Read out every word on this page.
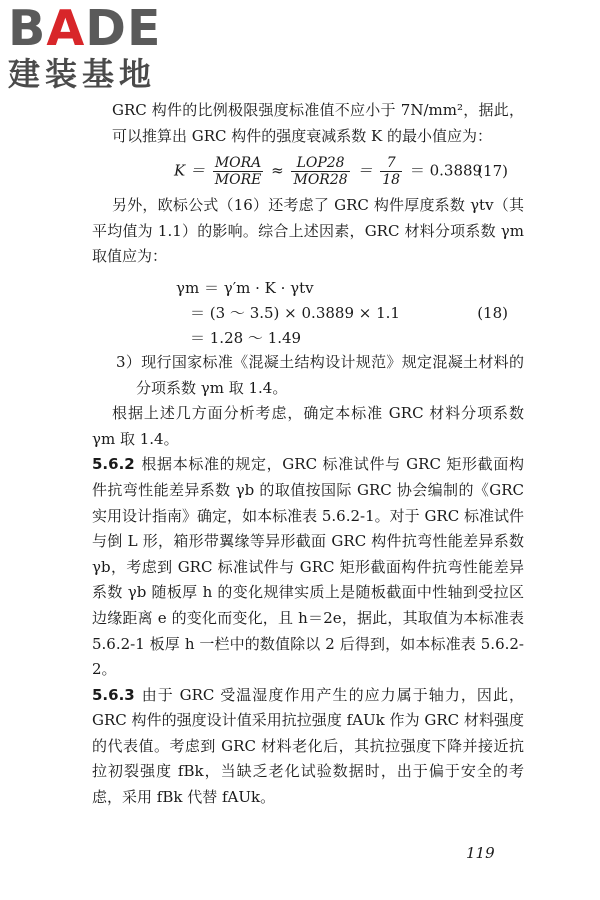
BADE
建装基地

GRC 构件的比例极限强度标准值不应小于 7N/mm²，据此，可以推算出 GRC 构件的强度衰减系数 K 的最小值应为：

$K = \frac{\text{MORA}}{\text{MORE}} \approx \frac{\text{LOP28}}{\text{MOR28}} = \frac{7}{18} = 0.3889$
(17)

另外，欧标公式（16）还考虑了 GRC 构件厚度系数 γtv（其平均值为 1.1）的影响。综合上述因素，GRC 材料分项系数 γm 取值应为：

γm ＝ γ′m · K · γtv
＝ (3 ～ 3.5) × 0.3889 × 1.1
＝ 1.28 ～ 1.49
(18)

3）现行国家标准《混凝土结构设计规范》规定混凝土材料的分项系数 γm 取 1.4。

根据上述几方面分析考虑，确定本标准 GRC 材料分项系数 γm 取 1.4。

5.6.2 根据本标准的规定，GRC 标准试件与 GRC 矩形截面构件抗弯性能差异系数 γb 的取值按国际 GRC 协会编制的《GRC 实用设计指南》确定，如本标准表 5.6.2-1。对于 GRC 标准试件与倒 L 形，箱形带翼缘等异形截面 GRC 构件抗弯性能差异系数 γb，考虑到 GRC 标准试件与 GRC 矩形截面构件抗弯性能差异系数 γb 随板厚 h 的变化规律实质上是随板截面中性轴到受拉区边缘距离 e 的变化而变化，且 h＝2e，据此，其取值为本标准表 5.6.2-1 板厚 h 一栏中的数值除以 2 后得到，如本标准表 5.6.2-2。

5.6.3 由于 GRC 受温湿度作用产生的应力属于轴力，因此，GRC 构件的强度设计值采用抗拉强度 fAUk 作为 GRC 材料强度的代表值。考虑到 GRC 材料老化后，其抗拉强度下降并接近抗拉初裂强度 fBk，当缺乏老化试验数据时，出于偏于安全的考虑，采用 fBk 代替 fAUk。

119
